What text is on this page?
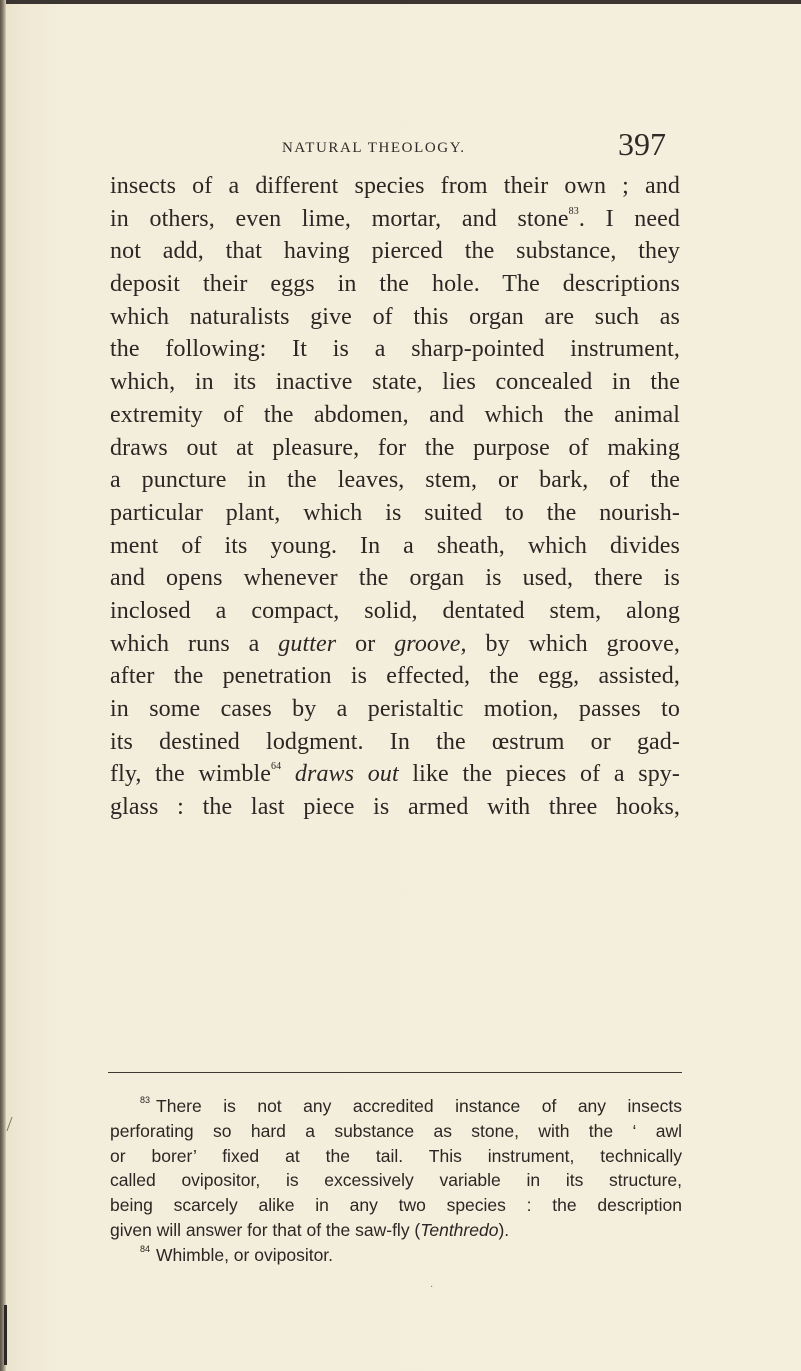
NATURAL THEOLOGY.	397
insects of a different species from their own ; and
in others, even lime, mortar, and stone$^{83}$. I need
not add, that having pierced the substance, they
deposit their eggs in the hole. The descriptions
which naturalists give of this organ are such as
the following: It is a sharp-pointed instrument,
which, in its inactive state, lies concealed in the
extremity of the abdomen, and which the animal
draws out at pleasure, for the purpose of making
a puncture in the leaves, stem, or bark, of the
particular plant, which is suited to the nourish-
ment of its young. In a sheath, which divides
and opens whenever the organ is used, there is
inclosed a compact, solid, dentated stem, along
which runs a gutter or groove, by which groove,
after the penetration is effected, the egg, assisted,
in some cases by a peristaltic motion, passes to
its destined lodgment. In the œstrum or gad-
fly, the wimble$^{64}$ draws out like the pieces of a spy-
glass : the last piece is armed with three hooks,
$^{83}$ There is not any accredited instance of any insects
perforating so hard a substance as stone, with the ‘ awl
or borer’ fixed at the tail. This instrument, technically
called ovipositor, is excessively variable in its structure,
being scarcely alike in any two species : the description
given will answer for that of the saw-fly (Tenthredo).
$^{84}$ Whimble, or ovipositor.
·
